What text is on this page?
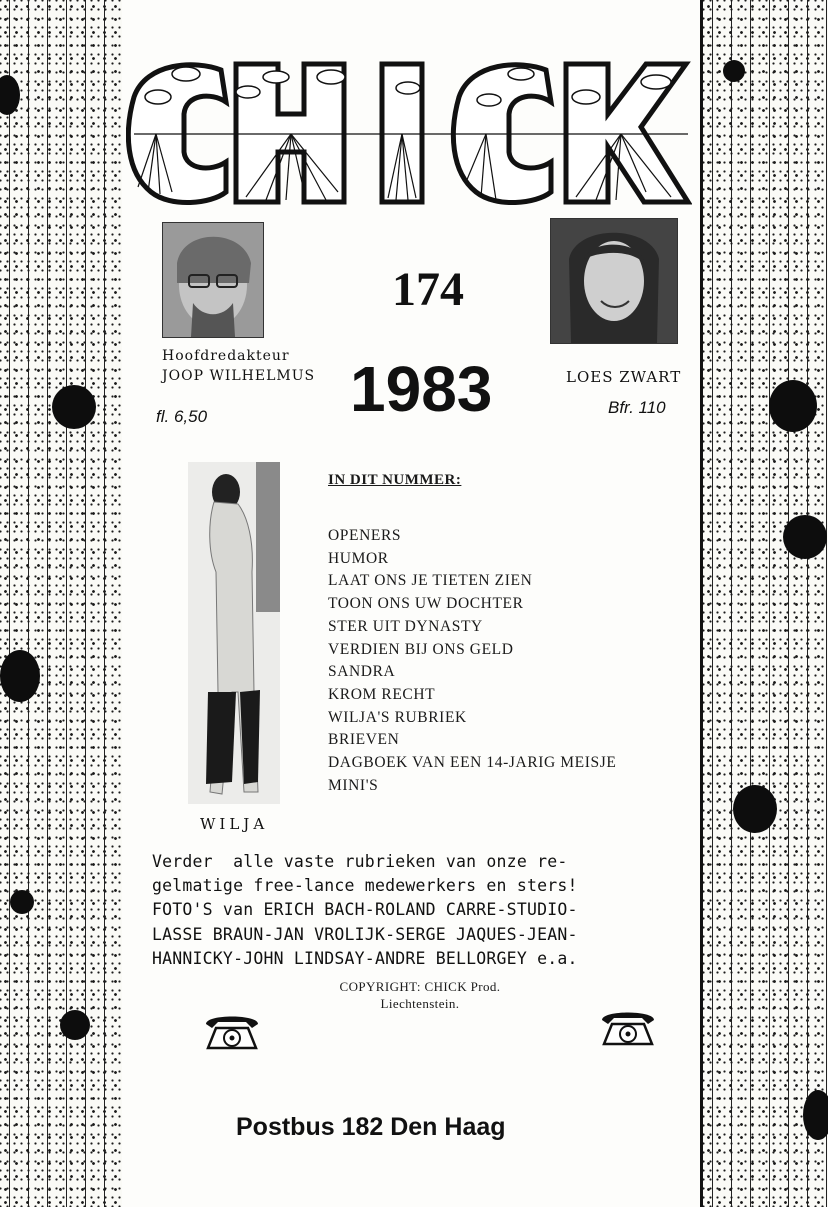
Hoofdredakteur
JOOP WILHELMUS
fl. 6,50
174
1983	LOES ZWART
Bfr. 110
WILJA
IN DIT NUMMER:
OPENERS
HUMOR
LAAT ONS JE TIETEN ZIEN
TOON ONS UW DOCHTER
STER UIT DYNASTY
VERDIEN BIJ ONS GELD
SANDRA
KROM RECHT
WILJA'S RUBRIEK
BRIEVEN
DAGBOEK VAN EEN 14-JARIG MEISJE
MINI'S
Verder  alle vaste rubrieken van onze re-
gelmatige free-lance medewerkers en sters!
FOTO'S van ERICH BACH-ROLAND CARRE-STUDIO-
LASSE BRAUN-JAN VROLIJK-SERGE JAQUES-JEAN-
HANNICKY-JOHN LINDSAY-ANDRE BELLORGEY e.a.
COPYRIGHT: CHICK Prod.
Liechtenstein.
Postbus 182 Den Haag
